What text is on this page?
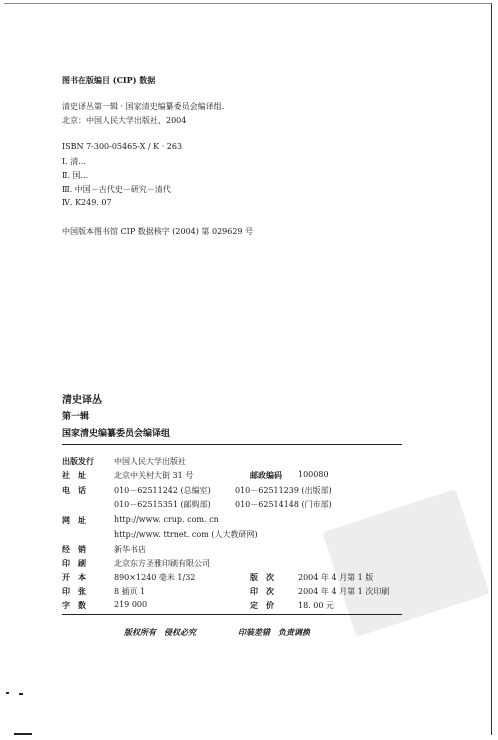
图书在版编目 (CIP) 数据
清史译丛第一辑 · 国家清史编纂委员会编译组.
北京：中国人民大学出版社，2004
ISBN 7-300-05465-X / K · 263
Ⅰ. 清...
Ⅱ. 国...
Ⅲ. 中国－古代史－研究－清代
Ⅳ. K249. 07
中国版本图书馆 CIP 数据核字 (2004) 第 029629 号
清史译丛
第一辑
国家清史编纂委员会编译组
出版发行	中国人民大学出版社
社　址	北京中关村大街 31 号	邮政编码 100080
电　话	010－62511242 (总编室)	010－62511239 (出版部)
010－62515351 (邮购部)	010－62514148 (门市部)
网　址	http://www. crup. com. cn
http://www. ttrnet. com (人大教研网)
经　销	新华书店
印　刷	北京东方圣雅印刷有限公司
开　本	890×1240 毫米 1/32	版　次	2004 年 4 月第 1 版
印　张	8 插页 1	印　次	2004 年 4 月第 1 次印刷
字　数	219 000	定　价	18. 00 元
版权所有　侵权必究	印装差错　负责调换
